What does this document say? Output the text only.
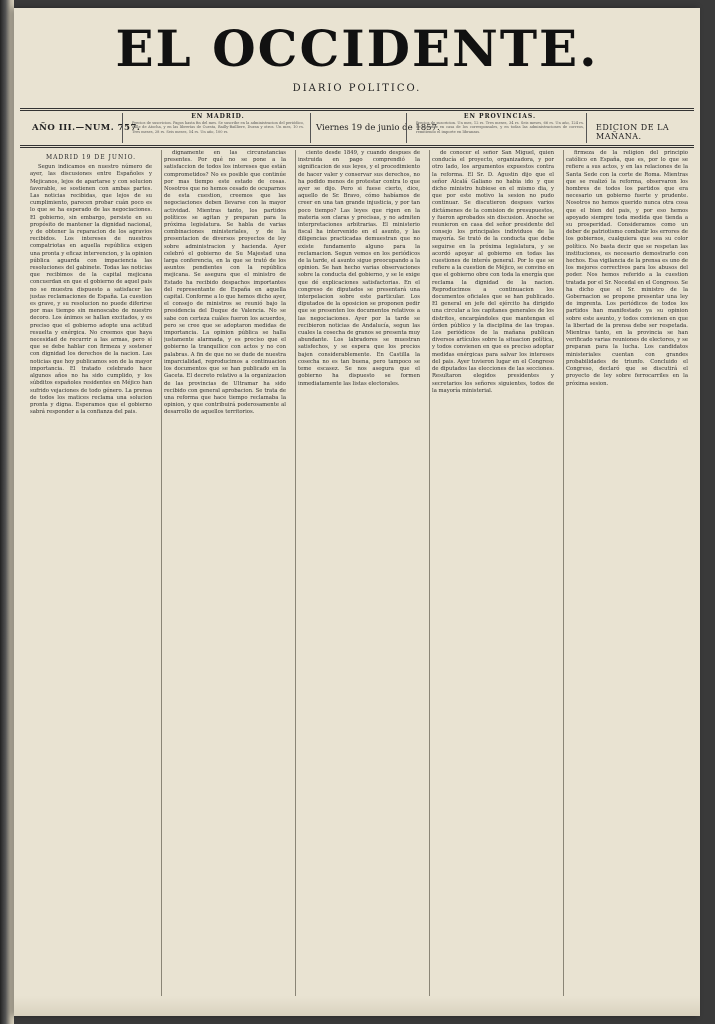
EL OCCIDENTE.
DIARIO POLITICO.
AÑO III.—NUM. 757.
EN MADRID.
Precios de suscricion. Pagos hasta fin del mes. Se suscribe en la administracion del periódico, calle de Atocha, y en las librerías de Cuesta, Bailly-Bailliere, Duran y otros. Un mes, 10 rs. Tres meses, 28 rs. Seis meses, 54 rs. Un año, 100 rs.	Viernes 19 de junio de 1857.
EN PROVINCIAS.
Precios de suscricion. Un mes, 12 rs. Tres meses, 34 rs. Seis meses, 66 rs. Un año, 124 rs. Se suscribe en casa de los corresponsales, y en todas las administraciones de correos, remitiendo el importe en libranzas.	EDICION DE LA MAÑANA.

MADRID 19 DE JUNIO.

Segun indicamos en nuestro número de ayer, las discusiones entre Españoles y Mejicanos, lejos de apartarse y con solucion favorable, se sostienen con ambas partes. Las noticias recibidas, que lejos de su cumplimiento, parecen probar cuán poco es lo que se ha esperado de las negociaciones. El gobierno, sin embargo, persiste en su propósito de mantener la dignidad nacional, y de obtener la reparacion de los agravios recibidos. Los intereses de nuestros compatriotas en aquella república exigen una pronta y eficaz intervencion, y la opinion pública aguarda con impaciencia las resoluciones del gabinete. Todas las noticias que recibimos de la capital mejicana concuerdan en que el gobierno de aquel pais no se muestra dispuesto a satisfacer las justas reclamaciones de España. La cuestion es grave, y su resolucion no puede diferirse por mas tiempo sin menoscabo de nuestro decoro. Los ánimos se hallan excitados, y es preciso que el gobierno adopte una actitud resuelta y enérgica. No creemos que haya necesidad de recurrir a las armas, pero sí que se debe hablar con firmeza y sostener con dignidad los derechos de la nacion. Las noticias que hoy publicamos son de la mayor importancia. El tratado celebrado hace algunos años no ha sido cumplido, y los súbditos españoles residentes en Méjico han sufrido vejaciones de todo género. La prensa de todos los matices reclama una solucion pronta y digna. Esperamos que el gobierno sabrá responder a la confianza del pais.

dignamente en las circunstancias presentes. Por qué no se pone a la satisfaccion de todos los intereses que están comprometidos? No es posible que continúe por mas tiempo este estado de cosas. Nosotros que no hemos cesado de ocuparnos de esta cuestion, creemos que las negociaciones deben llevarse con la mayor actividad. Mientras tanto, los partidos políticos se agitan y preparan para la próxima legislatura. Se habla de varias combinaciones ministeriales, y de la presentacion de diversos proyectos de ley sobre administracion y hacienda. Ayer celebró el gobierno de Su Majestad una larga conferencia, en la que se trató de los asuntos pendientes con la república mejicana. Se asegura que el ministro de Estado ha recibido despachos importantes del representante de España en aquella capital. Conforme a lo que hemos dicho ayer, el consejo de ministros se reunió bajo la presidencia del Duque de Valencia. No se sabe con certeza cuáles fueron los acuerdos, pero se cree que se adoptaron medidas de importancia. La opinion pública se halla justamente alarmada, y es preciso que el gobierno la tranquilice con actos y no con palabras. A fin de que no se dude de nuestra imparcialidad, reproducimos a continuacion los documentos que se han publicado en la Gaceta. El decreto relativo a la organizacion de las provincias de Ultramar ha sido recibido con general aprobacion. Se trata de una reforma que hace tiempo reclamaba la opinion, y que contribuirá poderosamente al desarrollo de aquellos territorios.

ciento desde 1849, y cuando despues de instruida en pago comprendió la significacion de sus leyes, y el procedimiento de hacer valer y conservar sus derechos, no ha podido menos de protestar contra lo que ayer se dijo. Pero si fuese cierto, dice, aquello de Sr. Bravo, cómo habíamos de creer en una tan grande injusticia, y por tan poco tiempo? Las leyes que rigen en la materia son claras y precisas, y no admiten interpretaciones arbitrarias. El ministerio fiscal ha intervenido en el asunto, y las diligencias practicadas demuestran que no existe fundamento alguno para la reclamacion. Segun vemos en los periódicos de la tarde, el asunto sigue preocupando a la opinion. Se han hecho varias observaciones sobre la conducta del gobierno, y se le exige que dé explicaciones satisfactorias. En el congreso de diputados se presentará una interpelacion sobre este particular. Los diputados de la oposicion se proponen pedir que se presenten los documentos relativos a las negociaciones. Ayer por la tarde se recibieron noticias de Andalucía, segun las cuales la cosecha de granos se presenta muy abundante. Los labradores se muestran satisfechos, y se espera que los precios bajen considerablemente. En Castilla la cosecha no es tan buena, pero tampoco se teme escasez. Se nos asegura que el gobierno ha dispuesto se formen inmediatamente las listas electorales.

de conocer el señor San Miguel, quien conducía el proyecto, organizadora, y por otro lado, los argumentos expuestos contra la reforma. El Sr. D. Agustin dijo que el señor Alcalá Galiano no habia ido y que dicho ministro hubiese en el mismo dia, y que por este motivo la sesion no pudo continuar. Se discutieron despues varios dictámenes de la comision de presupuestos, y fueron aprobados sin discusion. Anoche se reunieron en casa del señor presidente del consejo los principales individuos de la mayoría. Se trató de la conducta que debe seguirse en la próxima legislatura, y se acordó apoyar al gobierno en todas las cuestiones de interés general. Por lo que se refiere a la cuestion de Méjico, se convino en que el gobierno obre con toda la energía que reclama la dignidad de la nacion. Reproducimos a continuacion los documentos oficiales que se han publicado. El general en jefe del ejército ha dirigido una circular a los capitanes generales de los distritos, encargándoles que mantengan el órden público y la disciplina de las tropas. Los periódicos de la mañana publican diversos artículos sobre la situacion política, y todos convienen en que es preciso adoptar medidas enérgicas para salvar los intereses del pais. Ayer tuvieron lugar en el Congreso de diputados las elecciones de las secciones. Resultaron elegidos presidentes y secretarios los señores siguientes, todos de la mayoría ministerial.

firmeza de la religion del principio católico en España, que es, por lo que se refiere a sus actos, y en las relaciones de la Santa Sede con la corte de Roma. Mientras que se realizó la reforma, observaron los hombres de todos los partidos que era necesario un gobierno fuerte y prudente. Nosotros no hemos querido nunca otra cosa que el bien del pais, y por eso hemos apoyado siempre toda medida que tienda a su prosperidad. Consideramos como un deber de patriotismo combatir los errores de los gobiernos, cualquiera que sea su color político. No basta decir que se respetan las instituciones, es necesario demostrarlo con hechos. Esa vigilancia de la prensa es uno de los mejores correctivos para los abusos del poder. Nos hemos referido a la cuestion tratada por el Sr. Nocedal en el Congreso. Se ha dicho que el Sr. ministro de la Gobernacion se propone presentar una ley de imprenta. Los periódicos de todos los partidos han manifestado ya su opinion sobre este asunto, y todos convienen en que la libertad de la prensa debe ser respetada. Mientras tanto, en la provincia se han verificado varias reuniones de electores, y se preparan para la lucha. Los candidatos ministeriales cuentan con grandes probabilidades de triunfo. Concluido el Congreso, declaró que se discutirá el proyecto de ley sobre ferrocarriles en la próxima sesion.
